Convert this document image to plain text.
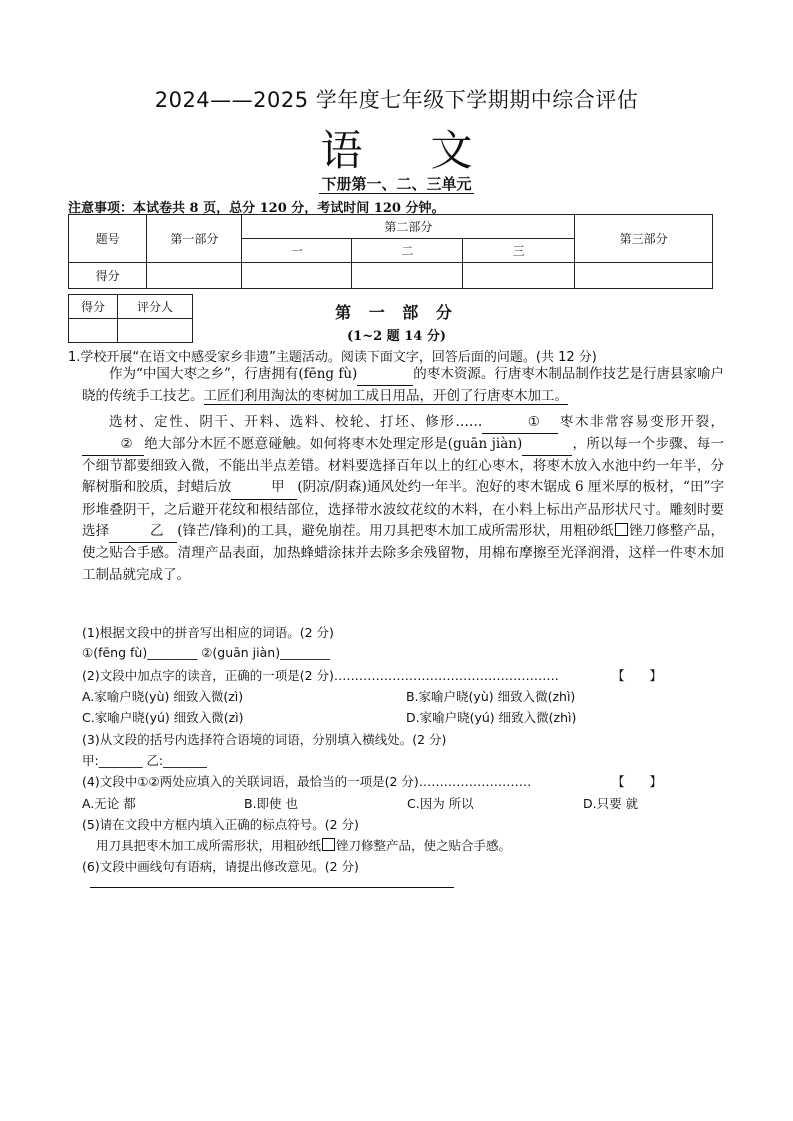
2024——2025 学年度七年级下学期期中综合评估
语 文
下册第一、二、三单元
注意事项：本试卷共 8 页，总分 120 分，考试时间 120 分钟。
题号	第一部分	第二部分			第三部分
		一	二	三	
得分					
得分	评分人
		第 一 部 分
(1~2 题 14 分)
1.学校开展“在语文中感受家乡非遗”主题活动。阅读下面文字，回答后面的问题。(共 12 分)

作为“中国大枣之乡”，行唐拥有(fēng fù)	的枣木资源。行唐枣木制品制作技艺是行唐县家喻户晓的传统手工技艺。工匠们利用淘汰的枣树加工成日用品，开创了行唐枣木加工。

选材、定性、阴干、开料、选料、校轮、打坯、修形……	① 枣木非常容易变形开裂，② 绝大部分木匠不愿意碰触。如何将枣木处理定形是(guān jiàn)	，所以每一个步骤、每一个细节都要细致入微，不能出半点差错。材料要选择百年以上的红心枣木，将枣木放入水池中约一年半，分解树脂和胶质，封蜡后放	甲 (阴凉/阴森)通风处约一年半。泡好的枣木锯成 6 厘米厚的板材，“田”字形堆叠阴干，之后避开花纹和根结部位，选择带水波纹花纹的木料，在小料上标出产品形状尺寸。雕刻时要选择	乙 (锋芒/锋利)的工具，避免崩茬。用刀具把枣木加工成所需形状，用粗砂纸 锉刀修整产品，使之贴合手感。清理产品表面，加热蜂蜡涂抹并去除多余残留物，用棉布摩擦至光泽润滑，这样一件枣木加工制品就完成了。

(1)根据文段中的拼音写出相应的词语。(2 分)
①(fēng fù)________ ②(guān jiàn)________
(2)文段中加点字的读音，正确的一项是(2 分)………………………………………………	【　　】
A.家喻户晓(yù) 细致入微(zì)	B.家喻户晓(yù) 细致入微(zhì)
C.家喻户晓(yú) 细致入微(zì)	D.家喻户晓(yú) 细致入微(zhì)
(3)从文段的括号内选择符合语境的词语，分别填入横线处。(2 分)
甲:_______ 乙:_______
(4)文段中①②两处应填入的关联词语，最恰当的一项是(2 分)………………………	【　　】
A.无论 都	B.即使 也	C.因为 所以	D.只要 就
(5)请在文段中方框内填入正确的标点符号。(2 分)
用刀具把枣木加工成所需形状，用粗砂纸 锉刀修整产品，使之贴合手感。
(6)文段中画线句有语病，请提出修改意见。(2 分)
